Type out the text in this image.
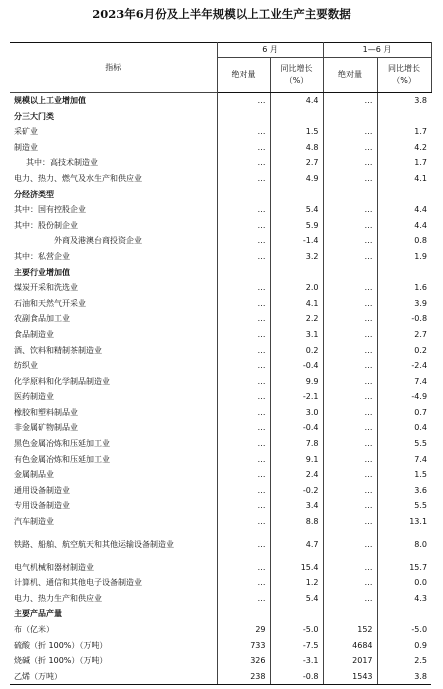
2023年6月份及上半年规模以上工业生产主要数据
指标	6 月		1—6 月	
	绝对量	同比增长（%）	绝对量	同比增长（%）
规模以上工业增加值	…	4.4	…	3.8
分三大门类				
采矿业	…	1.5	…	1.7
制造业	…	4.8	…	4.2
其中：高技术制造业	…	2.7	…	1.7
电力、热力、燃气及水生产和供应业	…	4.9	…	4.1
分经济类型				
其中：国有控股企业	…	5.4	…	4.4
其中：股份制企业	…	5.9	…	4.4
外商及港澳台商投资企业	…	-1.4	…	0.8
其中：私营企业	…	3.2	…	1.9
主要行业增加值				
煤炭开采和洗选业	…	2.0	…	1.6
石油和天然气开采业	…	4.1	…	3.9
农副食品加工业	…	2.2	…	-0.8
食品制造业	…	3.1	…	2.7
酒、饮料和精制茶制造业	…	0.2	…	0.2
纺织业	…	-0.4	…	-2.4
化学原料和化学制品制造业	…	9.9	…	7.4
医药制造业	…	-2.1	…	-4.9
橡胶和塑料制品业	…	3.0	…	0.7
非金属矿物制品业	…	-0.4	…	0.4
黑色金属冶炼和压延加工业	…	7.8	…	5.5
有色金属冶炼和压延加工业	…	9.1	…	7.4
金属制品业	…	2.4	…	1.5
通用设备制造业	…	-0.2	…	3.6
专用设备制造业	…	3.4	…	5.5
汽车制造业	…	8.8	…	13.1
铁路、船舶、航空航天和其他运输设备制造业	…	4.7	…	8.0
电气机械和器材制造业	…	15.4	…	15.7
计算机、通信和其他电子设备制造业	…	1.2	…	0.0
电力、热力生产和供应业	…	5.4	…	4.3
主要产品产量				
布（亿米）	29	-5.0	152	-5.0
硫酸（折 100%）（万吨）	733	-7.5	4684	0.9
烧碱（折 100%）（万吨）	326	-3.1	2017	2.5
乙烯（万吨）	238	-0.8	1543	3.8
